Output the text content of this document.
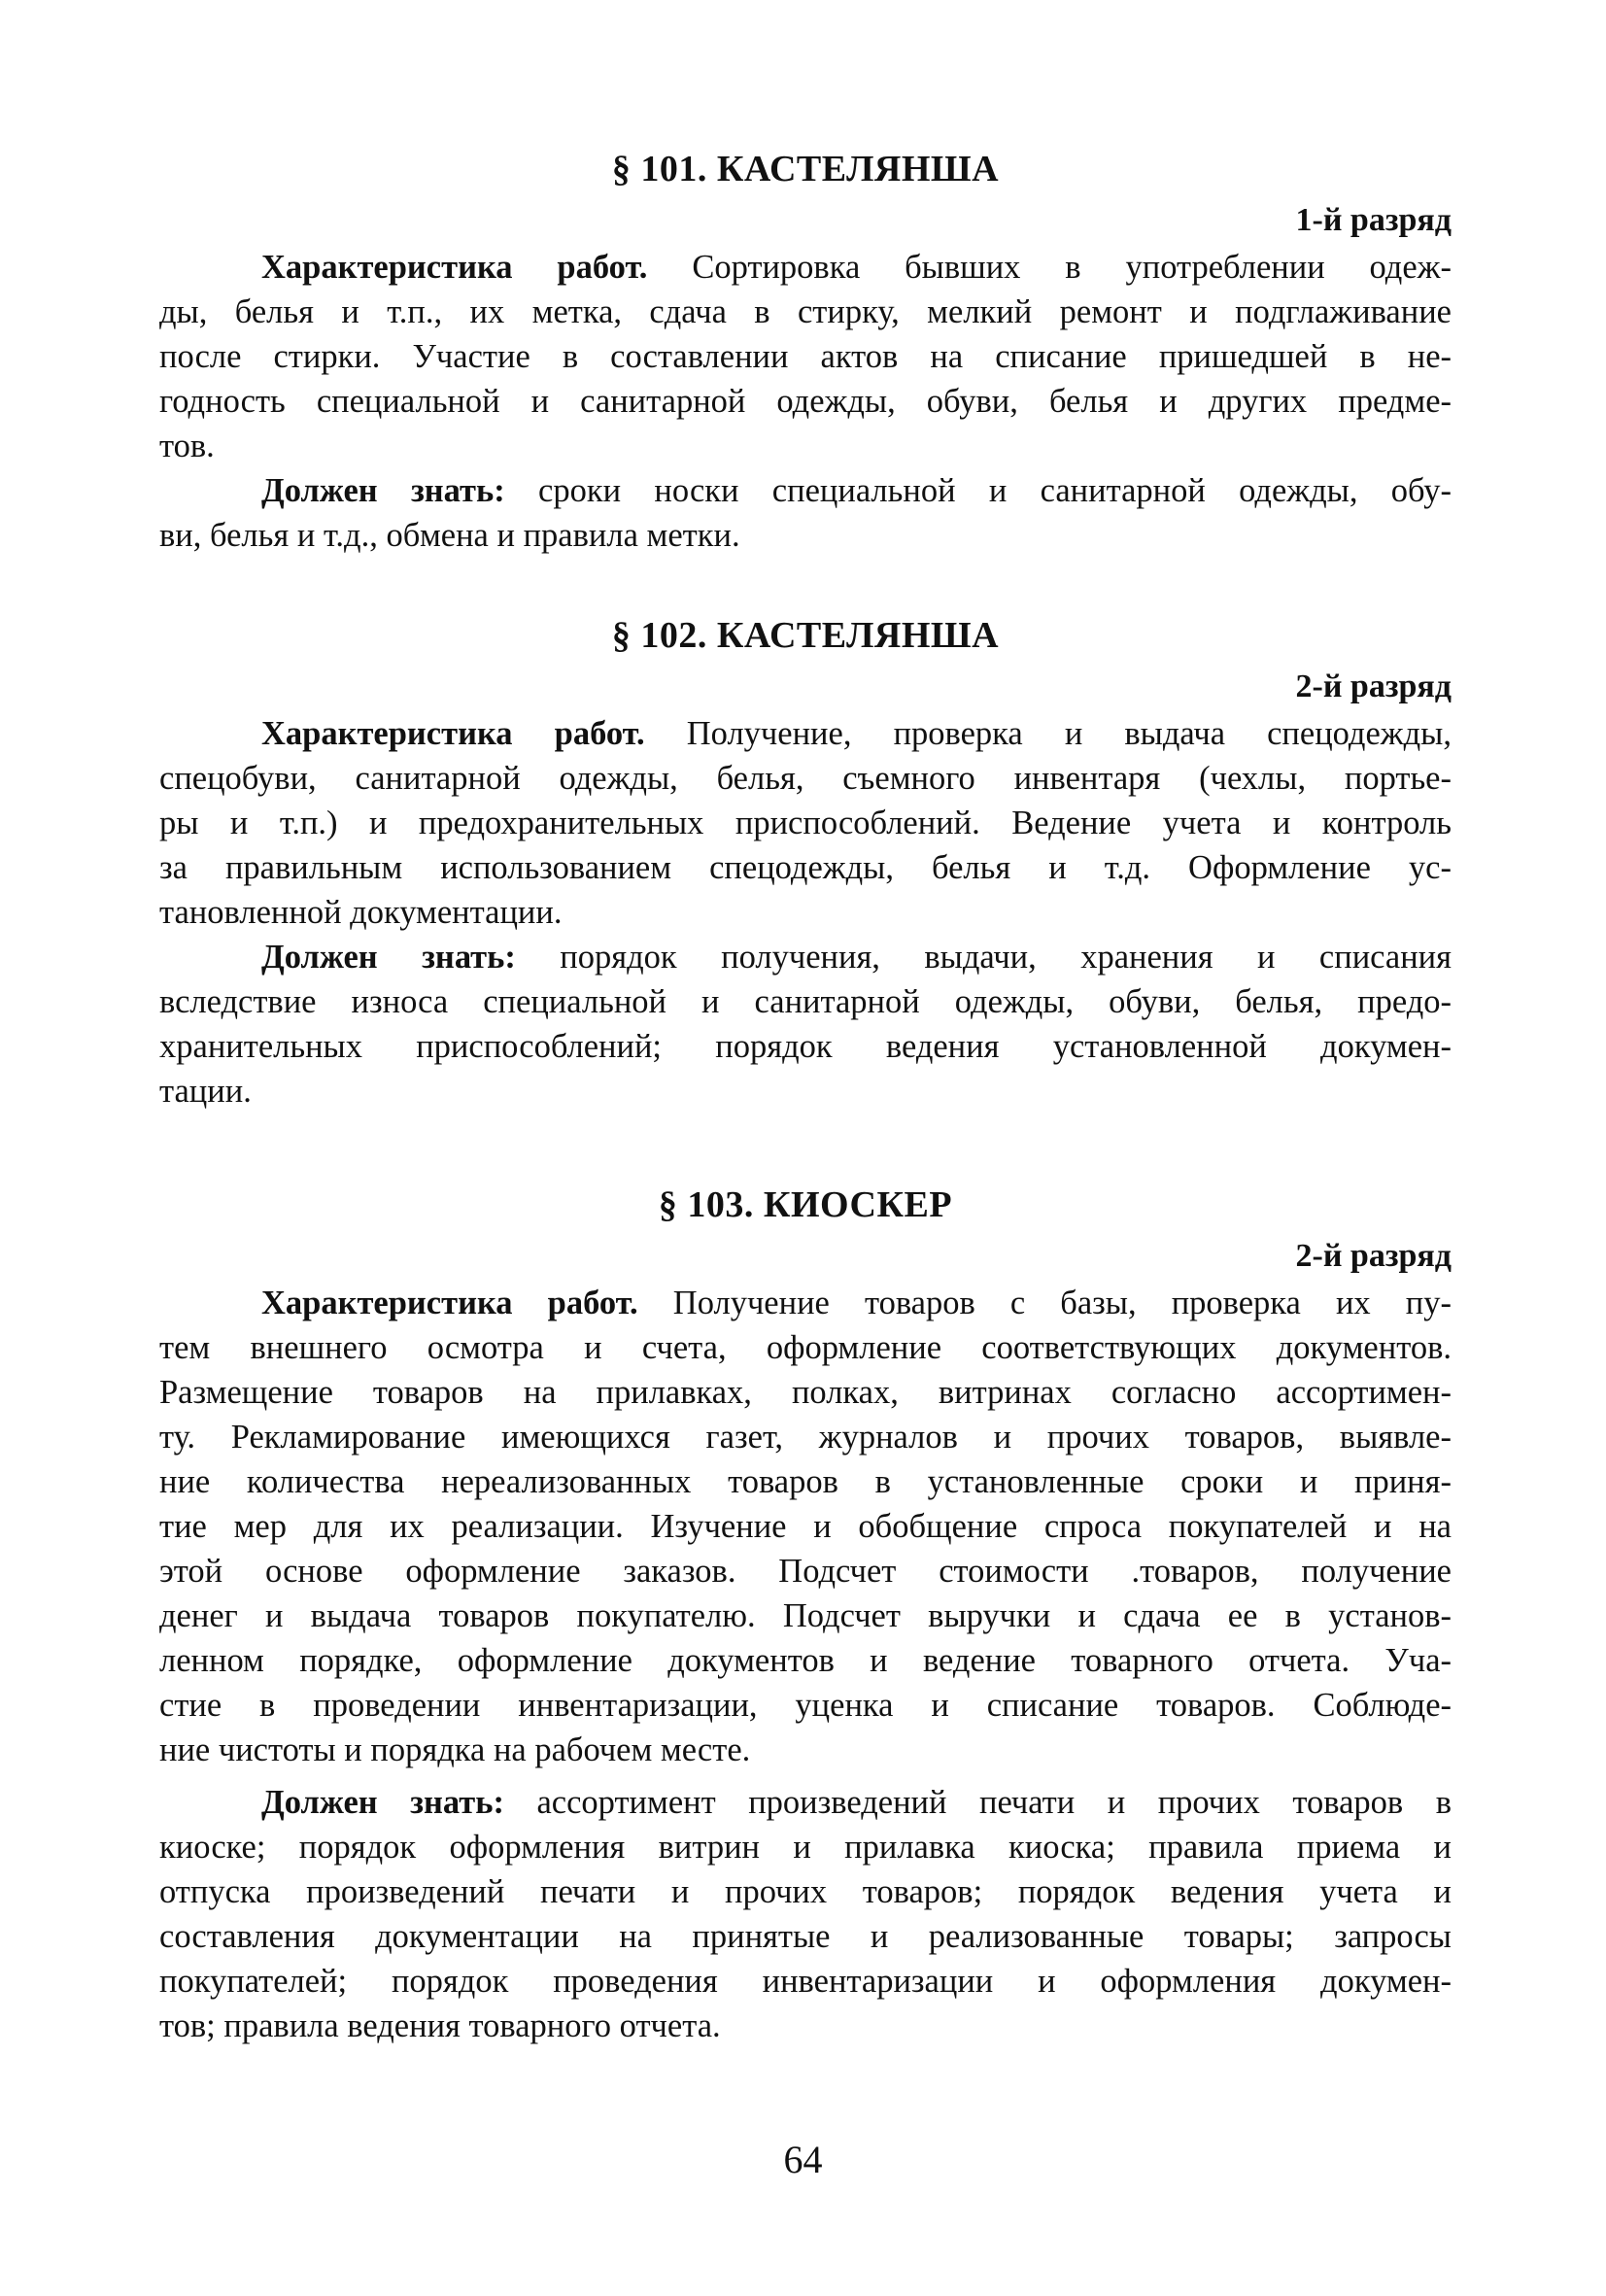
§ 101. КАСТЕЛЯНША
1-й разряд
Характеристика работ. Сортировка бывших в употреблении одеж-
ды, белья и т.п., их метка, сдача в стирку, мелкий ремонт и подглаживание
после стирки. Участие в составлении актов на списание пришедшей в не-
годность специальной и санитарной одежды, обуви, белья и других предме-
тов.
Должен знать: сроки носки специальной и санитарной одежды, обу-
ви, белья и т.д., обмена и правила метки.
§ 102. КАСТЕЛЯНША
2-й разряд
Характеристика работ. Получение, проверка и выдача спецодежды,
спецобуви, санитарной одежды, белья, съемного инвентаря (чехлы, портье-
ры и т.п.) и предохранительных приспособлений. Ведение учета и контроль
за правильным использованием спецодежды, белья и т.д. Оформление ус-
тановленной документации.
Должен знать: порядок получения, выдачи, хранения и списания
вследствие износа специальной и санитарной одежды, обуви, белья, предо-
хранительных приспособлений; порядок ведения установленной докумен-
тации.
§ 103. КИОСКЕР
2-й разряд
Характеристика работ. Получение товаров с базы, проверка их пу-
тем внешнего осмотра и счета, оформление соответствующих документов.
Размещение товаров на прилавках, полках, витринах согласно ассортимен-
ту. Рекламирование имеющихся газет, журналов и прочих товаров, выявле-
ние количества нереализованных товаров в установленные сроки и приня-
тие мер для их реализации. Изучение и обобщение спроса покупателей и на
этой основе оформление заказов. Подсчет стоимости .товаров, получение
денег и выдача товаров покупателю. Подсчет выручки и сдача ее в установ-
ленном порядке, оформление документов и ведение товарного отчета. Уча-
стие в проведении инвентаризации, уценка и списание товаров. Соблюде-
ние чистоты и порядка на рабочем месте.
Должен знать: ассортимент произведений печати и прочих товаров в
киоске; порядок оформления витрин и прилавка киоска; правила приема и
отпуска произведений печати и прочих товаров; порядок ведения учета и
составления документации на принятые и реализованные товары; запросы
покупателей; порядок проведения инвентаризации и оформления докумен-
тов; правила ведения товарного отчета.
64
